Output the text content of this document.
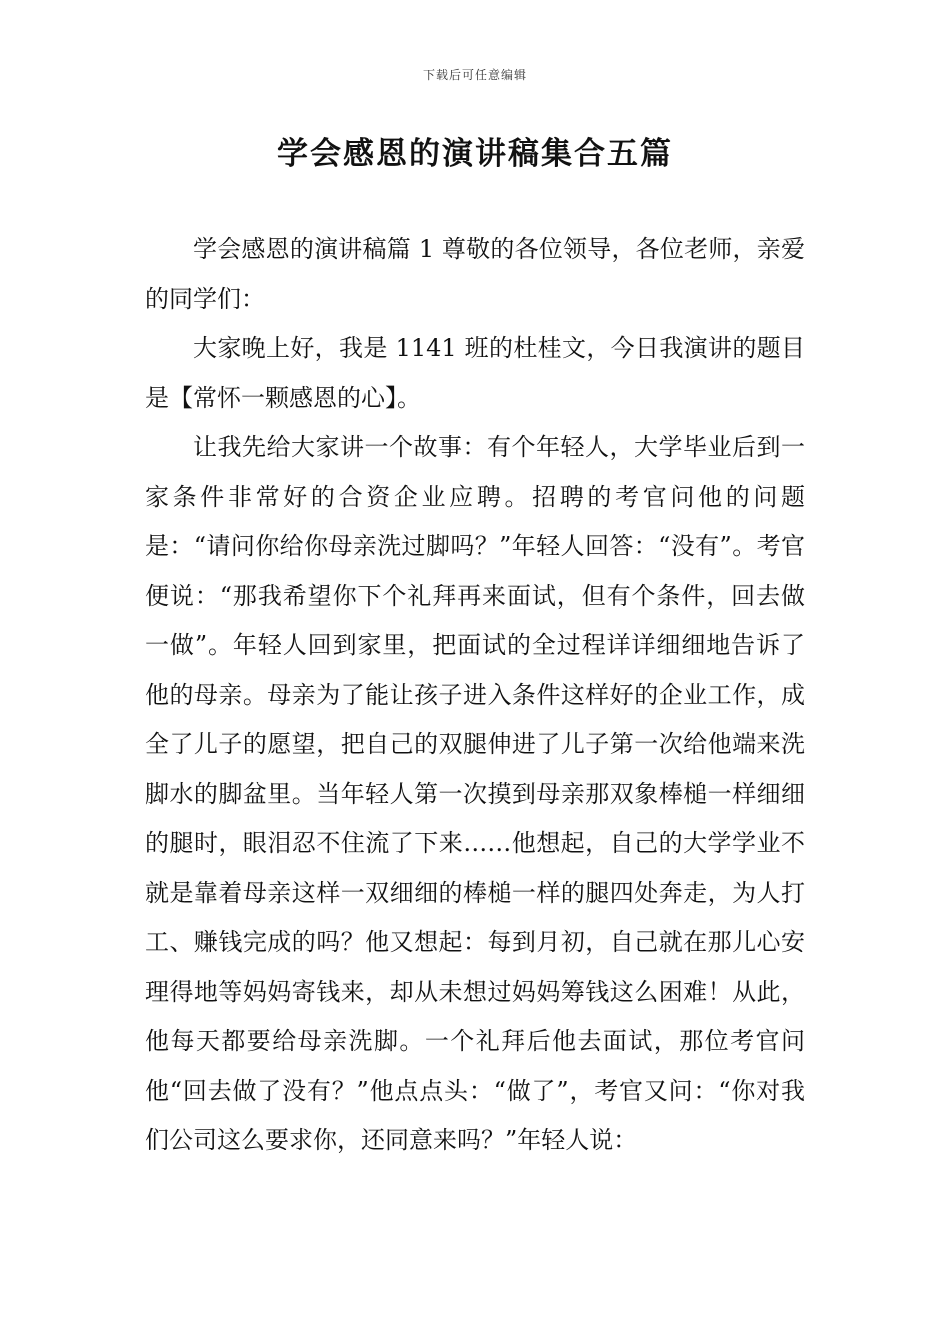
下载后可任意编辑
学会感恩的演讲稿集合五篇

学会感恩的演讲稿篇 1 尊敬的各位领导，各位老师，亲爱的同学们：

大家晚上好，我是 1141 班的杜桂文，今日我演讲的题目是【常怀一颗感恩的心】。

让我先给大家讲一个故事：有个年轻人，大学毕业后到一家条件非常好的合资企业应聘。招聘的考官问他的问题是：“请问你给你母亲洗过脚吗？”年轻人回答：“没有”。考官便说：“那我希望你下个礼拜再来面试，但有个条件，回去做一做”。年轻人回到家里，把面试的全过程详详细细地告诉了他的母亲。母亲为了能让孩子进入条件这样好的企业工作，成全了儿子的愿望，把自己的双腿伸进了儿子第一次给他端来洗脚水的脚盆里。当年轻人第一次摸到母亲那双象棒槌一样细细的腿时，眼泪忍不住流了下来……他想起，自己的大学学业不就是靠着母亲这样一双细细的棒槌一样的腿四处奔走，为人打工、赚钱完成的吗？他又想起：每到月初，自己就在那儿心安理得地等妈妈寄钱来，却从未想过妈妈筹钱这么困难！从此，他每天都要给母亲洗脚。一个礼拜后他去面试，那位考官问他“回去做了没有？”他点点头：“做了”，考官又问：“你对我们公司这么要求你，还同意来吗？”年轻人说：
